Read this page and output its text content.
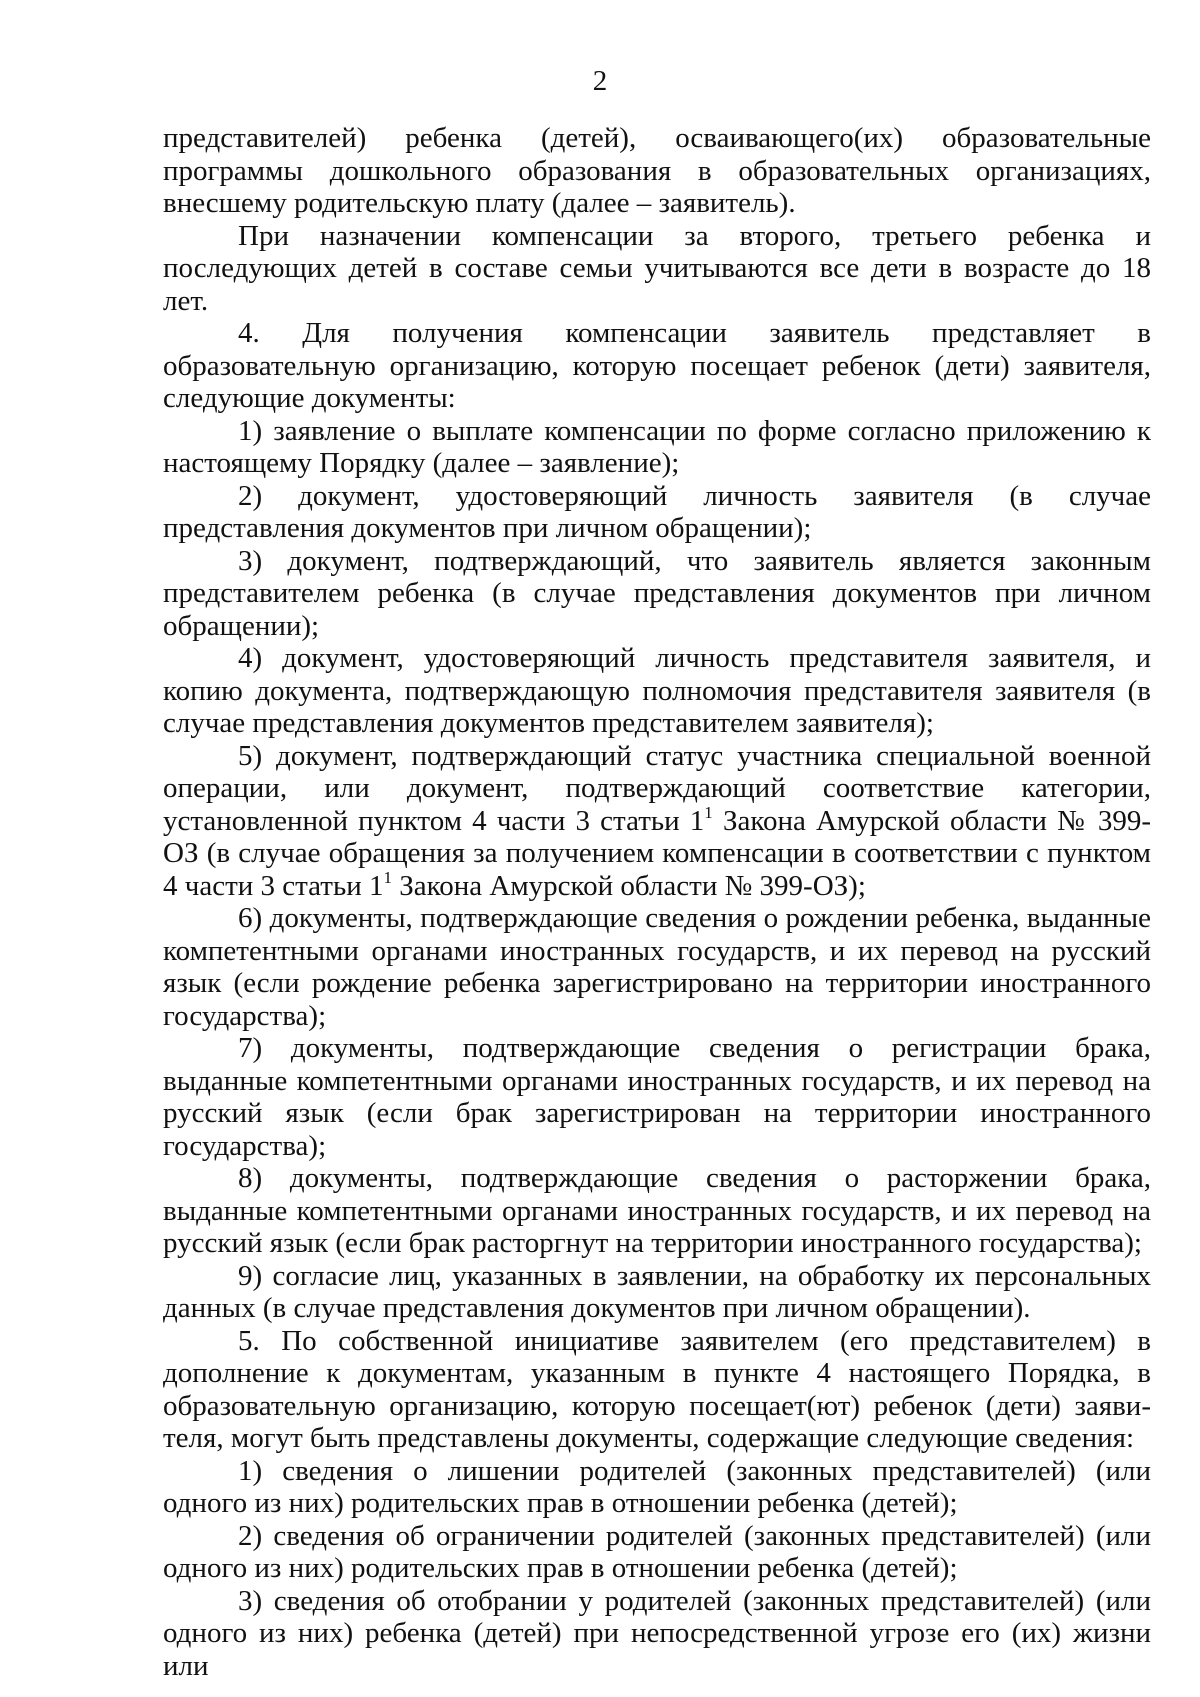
2

представителей) ребенка (детей), осваивающего(их) образовательные программы дошкольного образования в образовательных организациях, внесшему родительскую плату (далее – заявитель).

При назначении компенсации за второго, третьего ребенка и последующих детей в составе семьи учитываются все дети в возрасте до 18 лет.

4. Для получения компенсации заявитель представляет в образовательную организацию, которую посещает ребенок (дети) заявителя, следующие документы:

1) заявление о выплате компенсации по форме согласно приложению к настоящему Порядку (далее – заявление);

2) документ, удостоверяющий личность заявителя (в случае представления документов при личном обращении);

3) документ, подтверждающий, что заявитель является законным представителем ребенка (в случае представления документов при личном обращении);

4) документ, удостоверяющий личность представителя заявителя, и копию документа, подтверждающую полномочия представителя заявителя (в случае представления документов представителем заявителя);

5) документ, подтверждающий статус участника специальной военной операции, или документ, подтверждающий соответствие категории, установленной пунктом 4 части 3 статьи $1^1$ Закона Амурской области № 399-ОЗ (в случае обращения за получением компенсации в соответствии с пунктом 4 части 3 статьи $1^1$ Закона Амурской области № 399-ОЗ);

6) документы, подтверждающие сведения о рождении ребенка, выданные компетентными органами иностранных государств, и их перевод на русский язык (если рождение ребенка зарегистрировано на территории иностранного государства);

7) документы, подтверждающие сведения о регистрации брака, выданные компетентными органами иностранных государств, и их перевод на русский язык (если брак зарегистрирован на территории иностранного государства);

8) документы, подтверждающие сведения о расторжении брака, выданные компетентными органами иностранных государств, и их перевод на русский язык (если брак расторгнут на территории иностранного государства);

9) согласие лиц, указанных в заявлении, на обработку их персональных данных (в случае представления документов при личном обращении).

5. По собственной инициативе заявителем (его представителем) в дополнение к документам, указанным в пункте 4 настоящего Порядка, в образовательную организацию, которую посещает(ют) ребенок (дети) заявителя, могут быть представлены документы, содержащие следующие сведения:

1) сведения о лишении родителей (законных представителей) (или одного из них) родительских прав в отношении ребенка (детей);

2) сведения об ограничении родителей (законных представителей) (или одного из них) родительских прав в отношении ребенка (детей);

3) сведения об отобрании у родителей (законных представителей) (или одного из них) ребенка (детей) при непосредственной угрозе его (их) жизни или
